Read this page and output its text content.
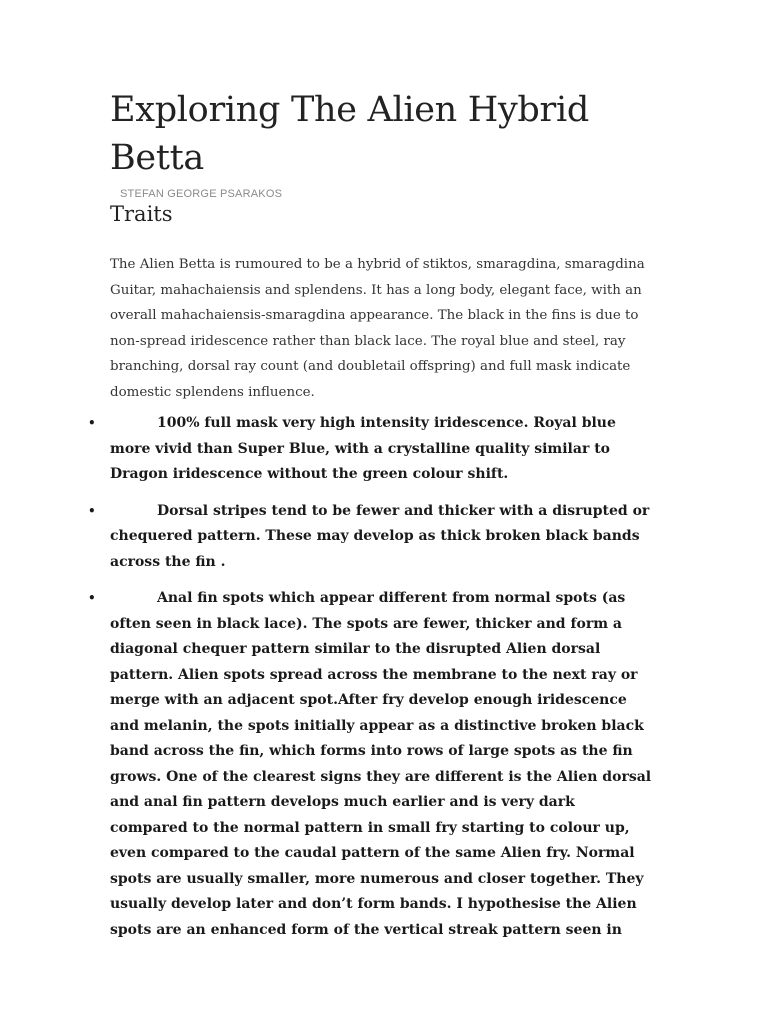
Exploring The Alien Hybrid Betta
STEFAN GEORGE PSARAKOS
Traits

The Alien Betta is rumoured to be a hybrid of stiktos, smaragdina, smaragdina Guitar, mahachaiensis and splendens. It has a long body, elegant face, with an overall mahachaiensis-smaragdina appearance. The black in the fins is due to non-spread iridescence rather than black lace. The royal blue and steel, ray branching, dorsal ray count (and doubletail offspring) and full mask indicate domestic splendens influence.

•	100% full mask very high intensity iridescence. Royal blue more vivid than Super Blue, with a crystalline quality similar to Dragon iridescence without the green colour shift.
•	Dorsal stripes tend to be fewer and thicker with a disrupted or chequered pattern. These may develop as thick broken black bands across the fin .
•	Anal fin spots which appear different from normal spots (as often seen in black lace). The spots are fewer, thicker and form a diagonal chequer pattern similar to the disrupted Alien dorsal pattern. Alien spots spread across the membrane to the next ray or merge with an adjacent spot.After fry develop enough iridescence and melanin, the spots initially appear as a distinctive broken black band across the fin, which forms into rows of large spots as the fin grows. One of the clearest signs they are different is the Alien dorsal and anal fin pattern develops much earlier and is very dark compared to the normal pattern in small fry starting to colour up, even compared to the caudal pattern of the same Alien fry. Normal spots are usually smaller, more numerous and closer together. They usually develop later and don’t form bands. I hypothesise the Alien spots are an enhanced form of the vertical streak pattern seen in
